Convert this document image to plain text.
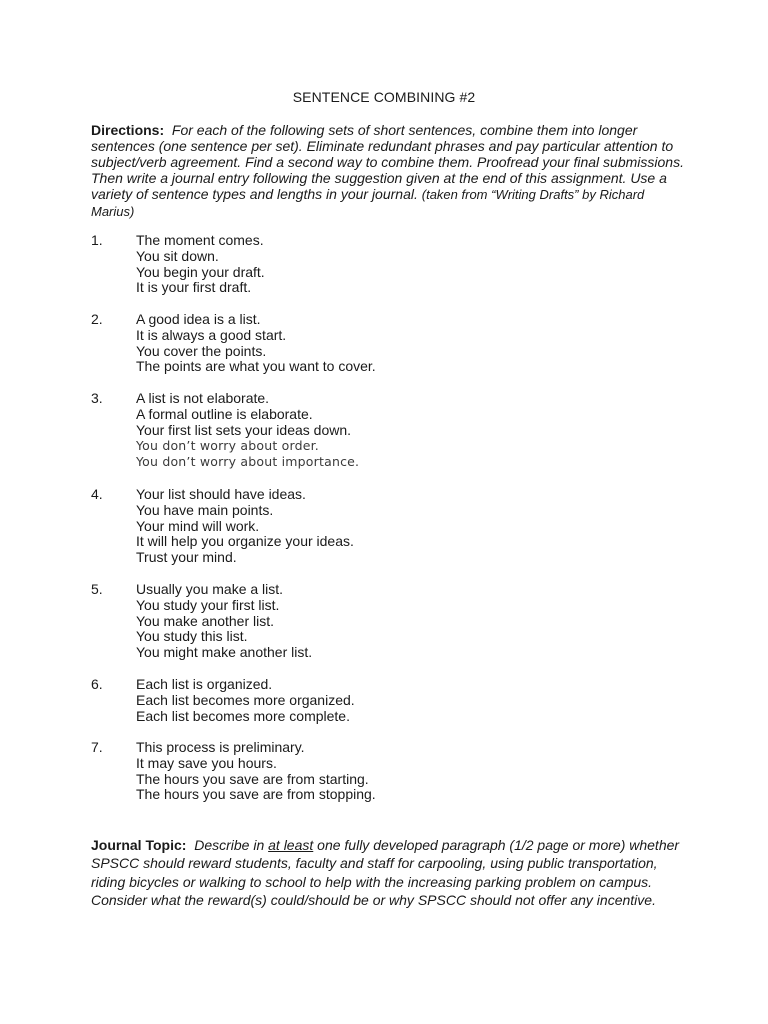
SENTENCE COMBINING #2
Directions: For each of the following sets of short sentences, combine them into longer sentences (one sentence per set). Eliminate redundant phrases and pay particular attention to subject/verb agreement. Find a second way to combine them. Proofread your final submissions. Then write a journal entry following the suggestion given at the end of this assignment. Use a variety of sentence types and lengths in your journal. (taken from “Writing Drafts” by Richard Marius)
1. The moment comes.
You sit down.
You begin your draft.
It is your first draft.
2. A good idea is a list.
It is always a good start.
You cover the points.
The points are what you want to cover.
3. A list is not elaborate.
A formal outline is elaborate.
Your first list sets your ideas down.
You don’t worry about order.
You don’t worry about importance.
4. Your list should have ideas.
You have main points.
Your mind will work.
It will help you organize your ideas.
Trust your mind.
5. Usually you make a list.
You study your first list.
You make another list.
You study this list.
You might make another list.
6. Each list is organized.
Each list becomes more organized.
Each list becomes more complete.
7. This process is preliminary.
It may save you hours.
The hours you save are from starting.
The hours you save are from stopping.
Journal Topic: Describe in at least one fully developed paragraph (1/2 page or more) whether SPSCC should reward students, faculty and staff for carpooling, using public transportation, riding bicycles or walking to school to help with the increasing parking problem on campus. Consider what the reward(s) could/should be or why SPSCC should not offer any incentive.
